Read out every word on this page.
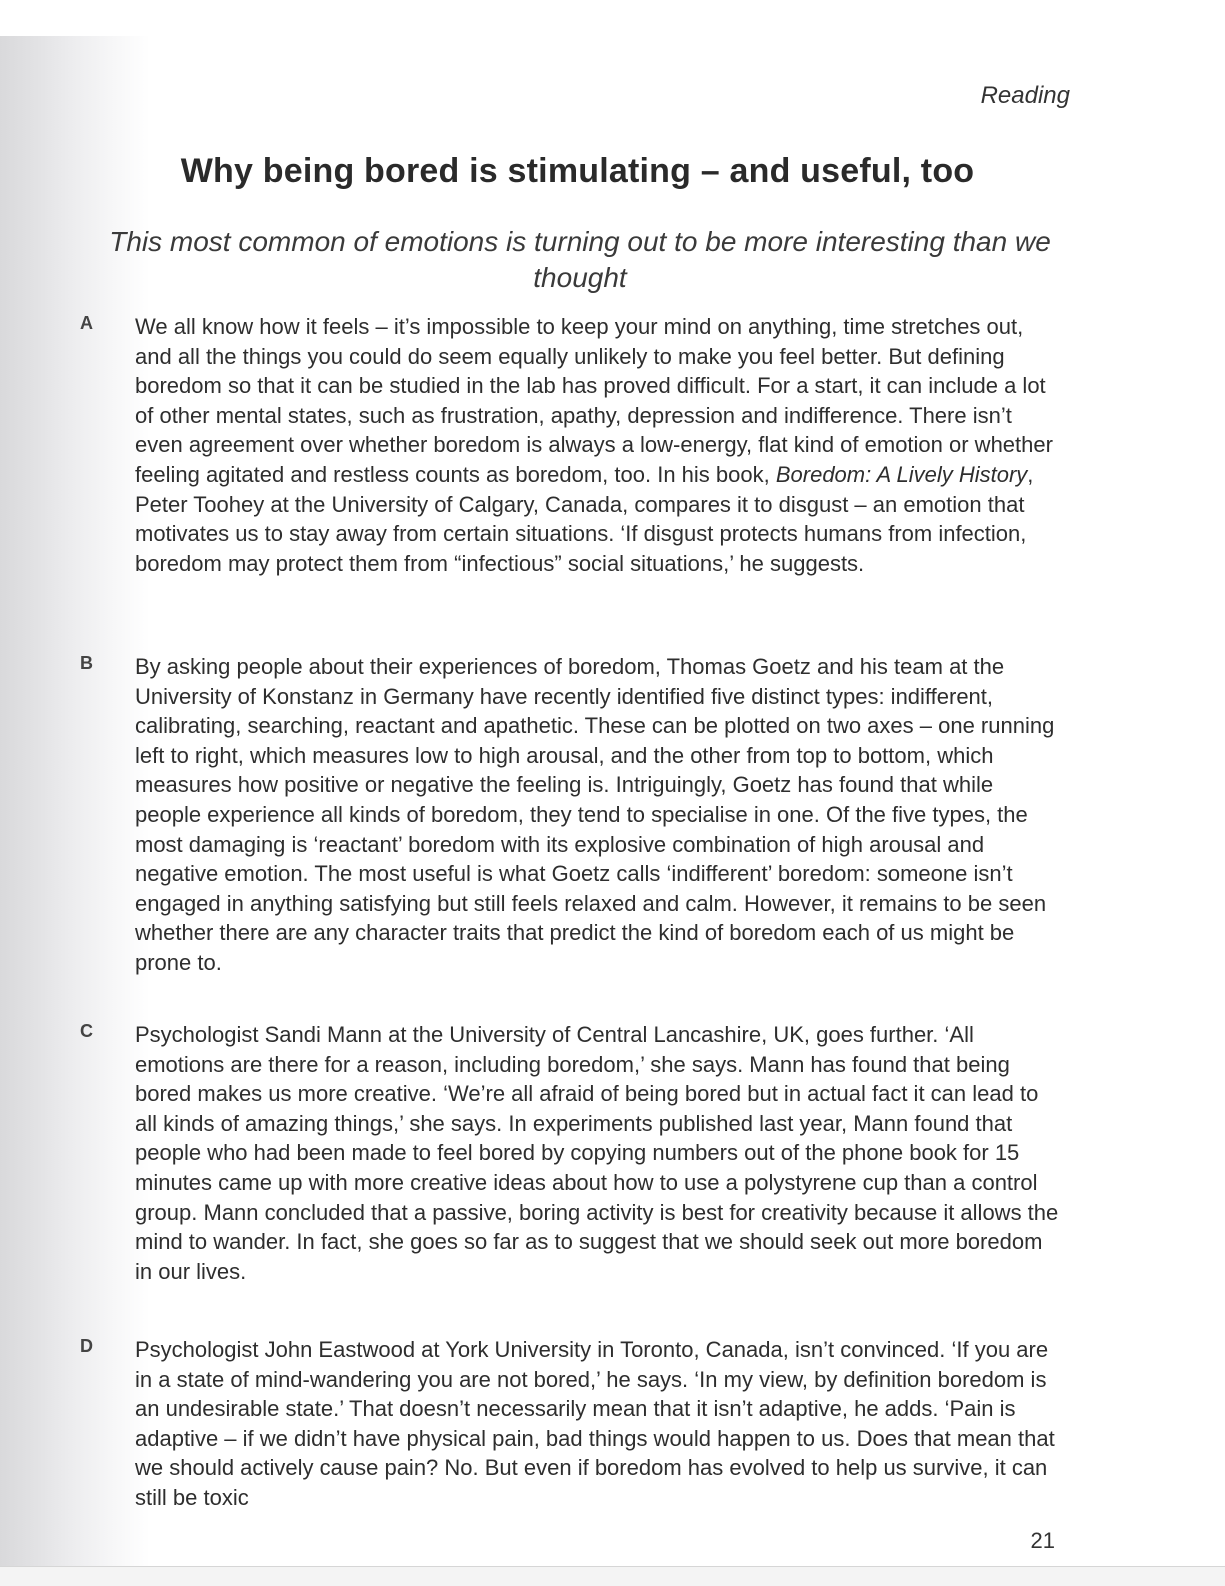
Reading
Why being bored is stimulating – and useful, too
This most common of emotions is turning out to be more interesting than we thought
A We all know how it feels – it’s impossible to keep your mind on anything, time stretches out, and all the things you could do seem equally unlikely to make you feel better. But defining boredom so that it can be studied in the lab has proved difficult. For a start, it can include a lot of other mental states, such as frustration, apathy, depression and indifference. There isn’t even agreement over whether boredom is always a low-energy, flat kind of emotion or whether feeling agitated and restless counts as boredom, too. In his book, Boredom: A Lively History, Peter Toohey at the University of Calgary, Canada, compares it to disgust – an emotion that motivates us to stay away from certain situations. ‘If disgust protects humans from infection, boredom may protect them from “infectious” social situations,’ he suggests.
B By asking people about their experiences of boredom, Thomas Goetz and his team at the University of Konstanz in Germany have recently identified five distinct types: indifferent, calibrating, searching, reactant and apathetic. These can be plotted on two axes – one running left to right, which measures low to high arousal, and the other from top to bottom, which measures how positive or negative the feeling is. Intriguingly, Goetz has found that while people experience all kinds of boredom, they tend to specialise in one. Of the five types, the most damaging is ‘reactant’ boredom with its explosive combination of high arousal and negative emotion. The most useful is what Goetz calls ‘indifferent’ boredom: someone isn’t engaged in anything satisfying but still feels relaxed and calm. However, it remains to be seen whether there are any character traits that predict the kind of boredom each of us might be prone to.
C Psychologist Sandi Mann at the University of Central Lancashire, UK, goes further. ‘All emotions are there for a reason, including boredom,’ she says. Mann has found that being bored makes us more creative. ‘We’re all afraid of being bored but in actual fact it can lead to all kinds of amazing things,’ she says. In experiments published last year, Mann found that people who had been made to feel bored by copying numbers out of the phone book for 15 minutes came up with more creative ideas about how to use a polystyrene cup than a control group. Mann concluded that a passive, boring activity is best for creativity because it allows the mind to wander. In fact, she goes so far as to suggest that we should seek out more boredom in our lives.
D Psychologist John Eastwood at York University in Toronto, Canada, isn’t convinced. ‘If you are in a state of mind-wandering you are not bored,’ he says. ‘In my view, by definition boredom is an undesirable state.’ That doesn’t necessarily mean that it isn’t adaptive, he adds. ‘Pain is adaptive – if we didn’t have physical pain, bad things would happen to us. Does that mean that we should actively cause pain? No. But even if boredom has evolved to help us survive, it can still be toxic
21
